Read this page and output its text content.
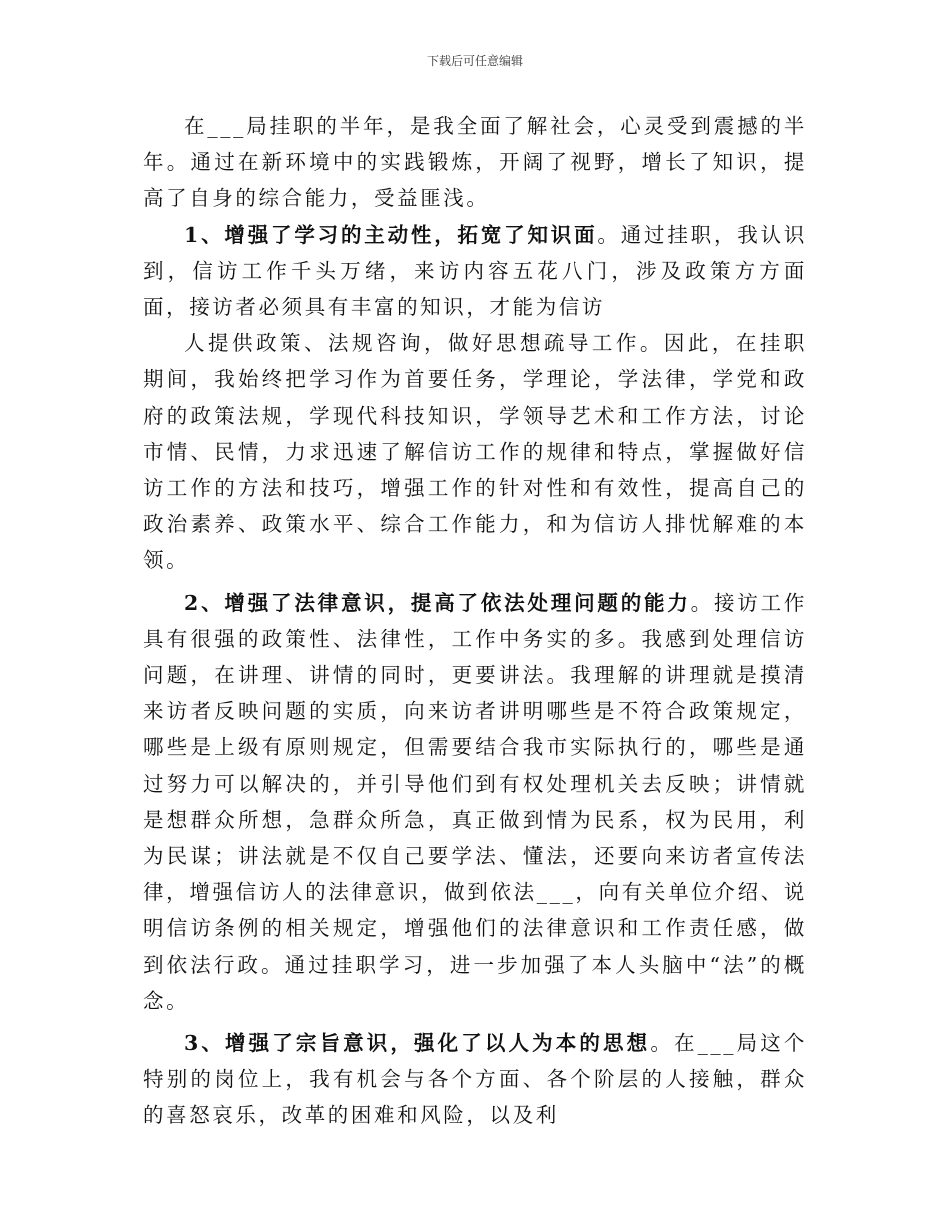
下载后可任意编辑

在___局挂职的半年，是我全面了解社会，心灵受到震撼的半年。通过在新环境中的实践锻炼，开阔了视野，增长了知识，提高了自身的综合能力，受益匪浅。

1、增强了学习的主动性，拓宽了知识面。通过挂职，我认识到，信访工作千头万绪，来访内容五花八门，涉及政策方方面面，接访者必须具有丰富的知识，才能为信访

人提供政策、法规咨询，做好思想疏导工作。因此，在挂职期间，我始终把学习作为首要任务，学理论，学法律，学党和政府的政策法规，学现代科技知识，学领导艺术和工作方法，讨论市情、民情，力求迅速了解信访工作的规律和特点，掌握做好信访工作的方法和技巧，增强工作的针对性和有效性，提高自己的政治素养、政策水平、综合工作能力，和为信访人排忧解难的本领。

2、增强了法律意识，提高了依法处理问题的能力。接访工作具有很强的政策性、法律性，工作中务实的多。我感到处理信访问题，在讲理、讲情的同时，更要讲法。我理解的讲理就是摸清来访者反映问题的实质，向来访者讲明哪些是不符合政策规定，哪些是上级有原则规定，但需要结合我市实际执行的，哪些是通过努力可以解决的，并引导他们到有权处理机关去反映；讲情就是想群众所想，急群众所急，真正做到情为民系，权为民用，利为民谋；讲法就是不仅自己要学法、懂法，还要向来访者宣传法律，增强信访人的法律意识，做到依法___，向有关单位介绍、说明信访条例的相关规定，增强他们的法律意识和工作责任感，做到依法行政。通过挂职学习，进一步加强了本人头脑中“法”的概念。

3、增强了宗旨意识，强化了以人为本的思想。在___局这个特别的岗位上，我有机会与各个方面、各个阶层的人接触，群众的喜怒哀乐，改革的困难和风险，以及利
